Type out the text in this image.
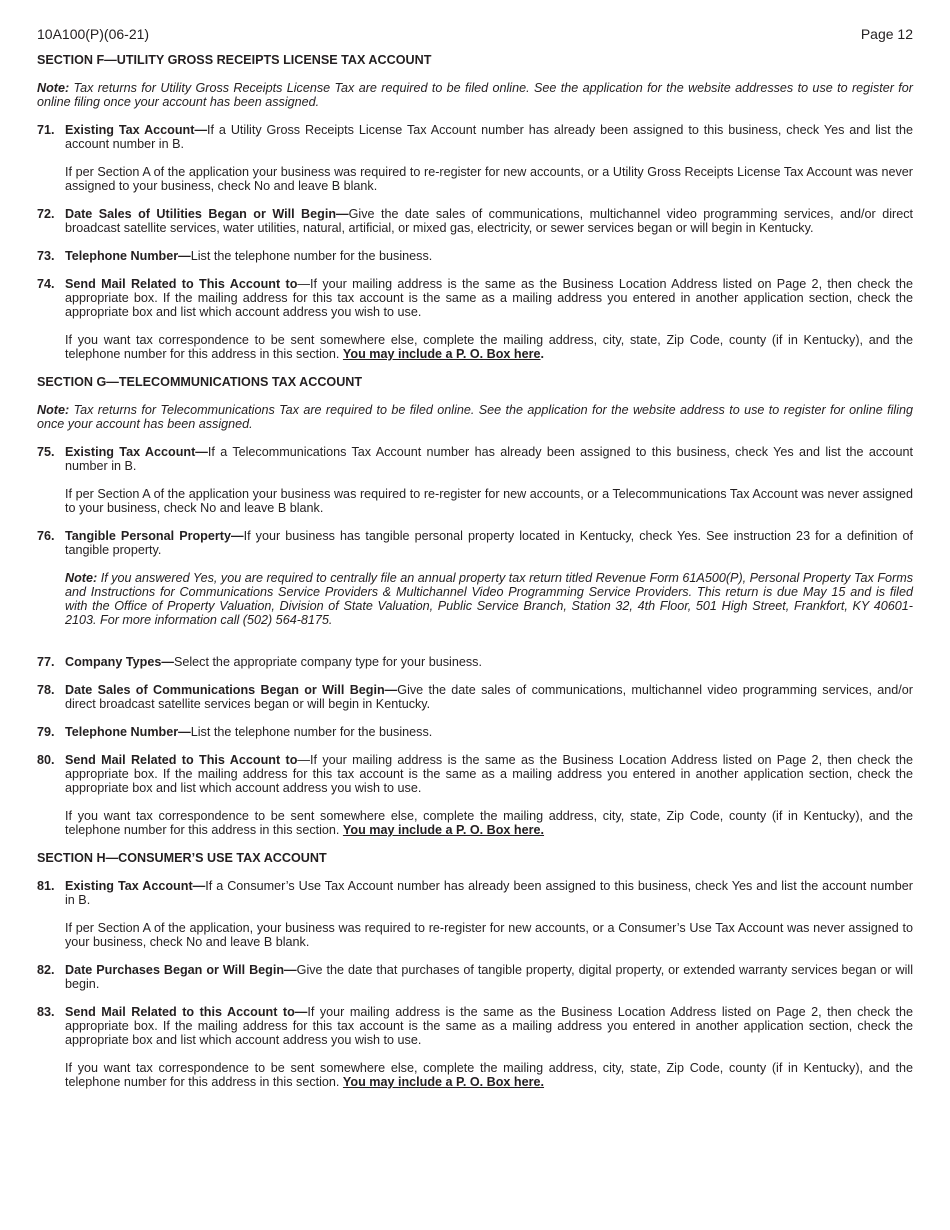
10A100(P)(06-21)	Page 12
SECTION F—UTILITY GROSS RECEIPTS LICENSE TAX ACCOUNT
Note: Tax returns for Utility Gross Receipts License Tax are required to be filed online. See the application for the website addresses to use to register for online filing once your account has been assigned.
71. Existing Tax Account—If a Utility Gross Receipts License Tax Account number has already been assigned to this business, check Yes and list the account number in B.

If per Section A of the application your business was required to re-register for new accounts, or a Utility Gross Receipts License Tax Account was never assigned to your business, check No and leave B blank.

72. Date Sales of Utilities Began or Will Begin—Give the date sales of communications, multichannel video programming services, and/or direct broadcast satellite services, water utilities, natural, artificial, or mixed gas, electricity, or sewer services began or will begin in Kentucky.

73. Telephone Number—List the telephone number for the business.

74. Send Mail Related to This Account to—If your mailing address is the same as the Business Location Address listed on Page 2, then check the appropriate box. If the mailing address for this tax account is the same as a mailing address you entered in another application section, check the appropriate box and list which account address you wish to use.

If you want tax correspondence to be sent somewhere else, complete the mailing address, city, state, Zip Code, county (if in Kentucky), and the telephone number for this address in this section. You may include a P. O. Box here.

SECTION G—TELECOMMUNICATIONS TAX ACCOUNT
Note: Tax returns for Telecommunications Tax are required to be filed online. See the application for the website address to use to register for online filing once your account has been assigned.
75. Existing Tax Account—If a Telecommunications Tax Account number has already been assigned to this business, check Yes and list the account number in B.

If per Section A of the application your business was required to re-register for new accounts, or a Telecommunications Tax Account was never assigned to your business, check No and leave B blank.

76. Tangible Personal Property—If your business has tangible personal property located in Kentucky, check Yes. See instruction 23 for a definition of tangible property.

Note: If you answered Yes, you are required to centrally file an annual property tax return titled Revenue Form 61A500(P), Personal Property Tax Forms and Instructions for Communications Service Providers & Multichannel Video Programming Service Providers. This return is due May 15 and is filed with the Office of Property Valuation, Division of State Valuation, Public Service Branch, Station 32, 4th Floor, 501 High Street, Frankfort, KY 40601-2103. For more information call (502) 564-8175.
77. Company Types—Select the appropriate company type for your business.

78. Date Sales of Communications Began or Will Begin—Give the date sales of communications, multichannel video programming services, and/or direct broadcast satellite services began or will begin in Kentucky.

79. Telephone Number—List the telephone number for the business.

80. Send Mail Related to This Account to—If your mailing address is the same as the Business Location Address listed on Page 2, then check the appropriate box. If the mailing address for this tax account is the same as a mailing address you entered in another application section, check the appropriate box and list which account address you wish to use.

If you want tax correspondence to be sent somewhere else, complete the mailing address, city, state, Zip Code, county (if in Kentucky), and the telephone number for this address in this section. You may include a P. O. Box here.

SECTION H—CONSUMER’S USE TAX ACCOUNT
81. Existing Tax Account—If a Consumer’s Use Tax Account number has already been assigned to this business, check Yes and list the account number in B.

If per Section A of the application, your business was required to re-register for new accounts, or a Consumer’s Use Tax Account was never assigned to your business, check No and leave B blank.

82. Date Purchases Began or Will Begin—Give the date that purchases of tangible property, digital property, or extended warranty services began or will begin.

83. Send Mail Related to this Account to—If your mailing address is the same as the Business Location Address listed on Page 2, then check the appropriate box. If the mailing address for this tax account is the same as a mailing address you entered in another application section, check the appropriate box and list which account address you wish to use.

If you want tax correspondence to be sent somewhere else, complete the mailing address, city, state, Zip Code, county (if in Kentucky), and the telephone number for this address in this section. You may include a P. O. Box here.
